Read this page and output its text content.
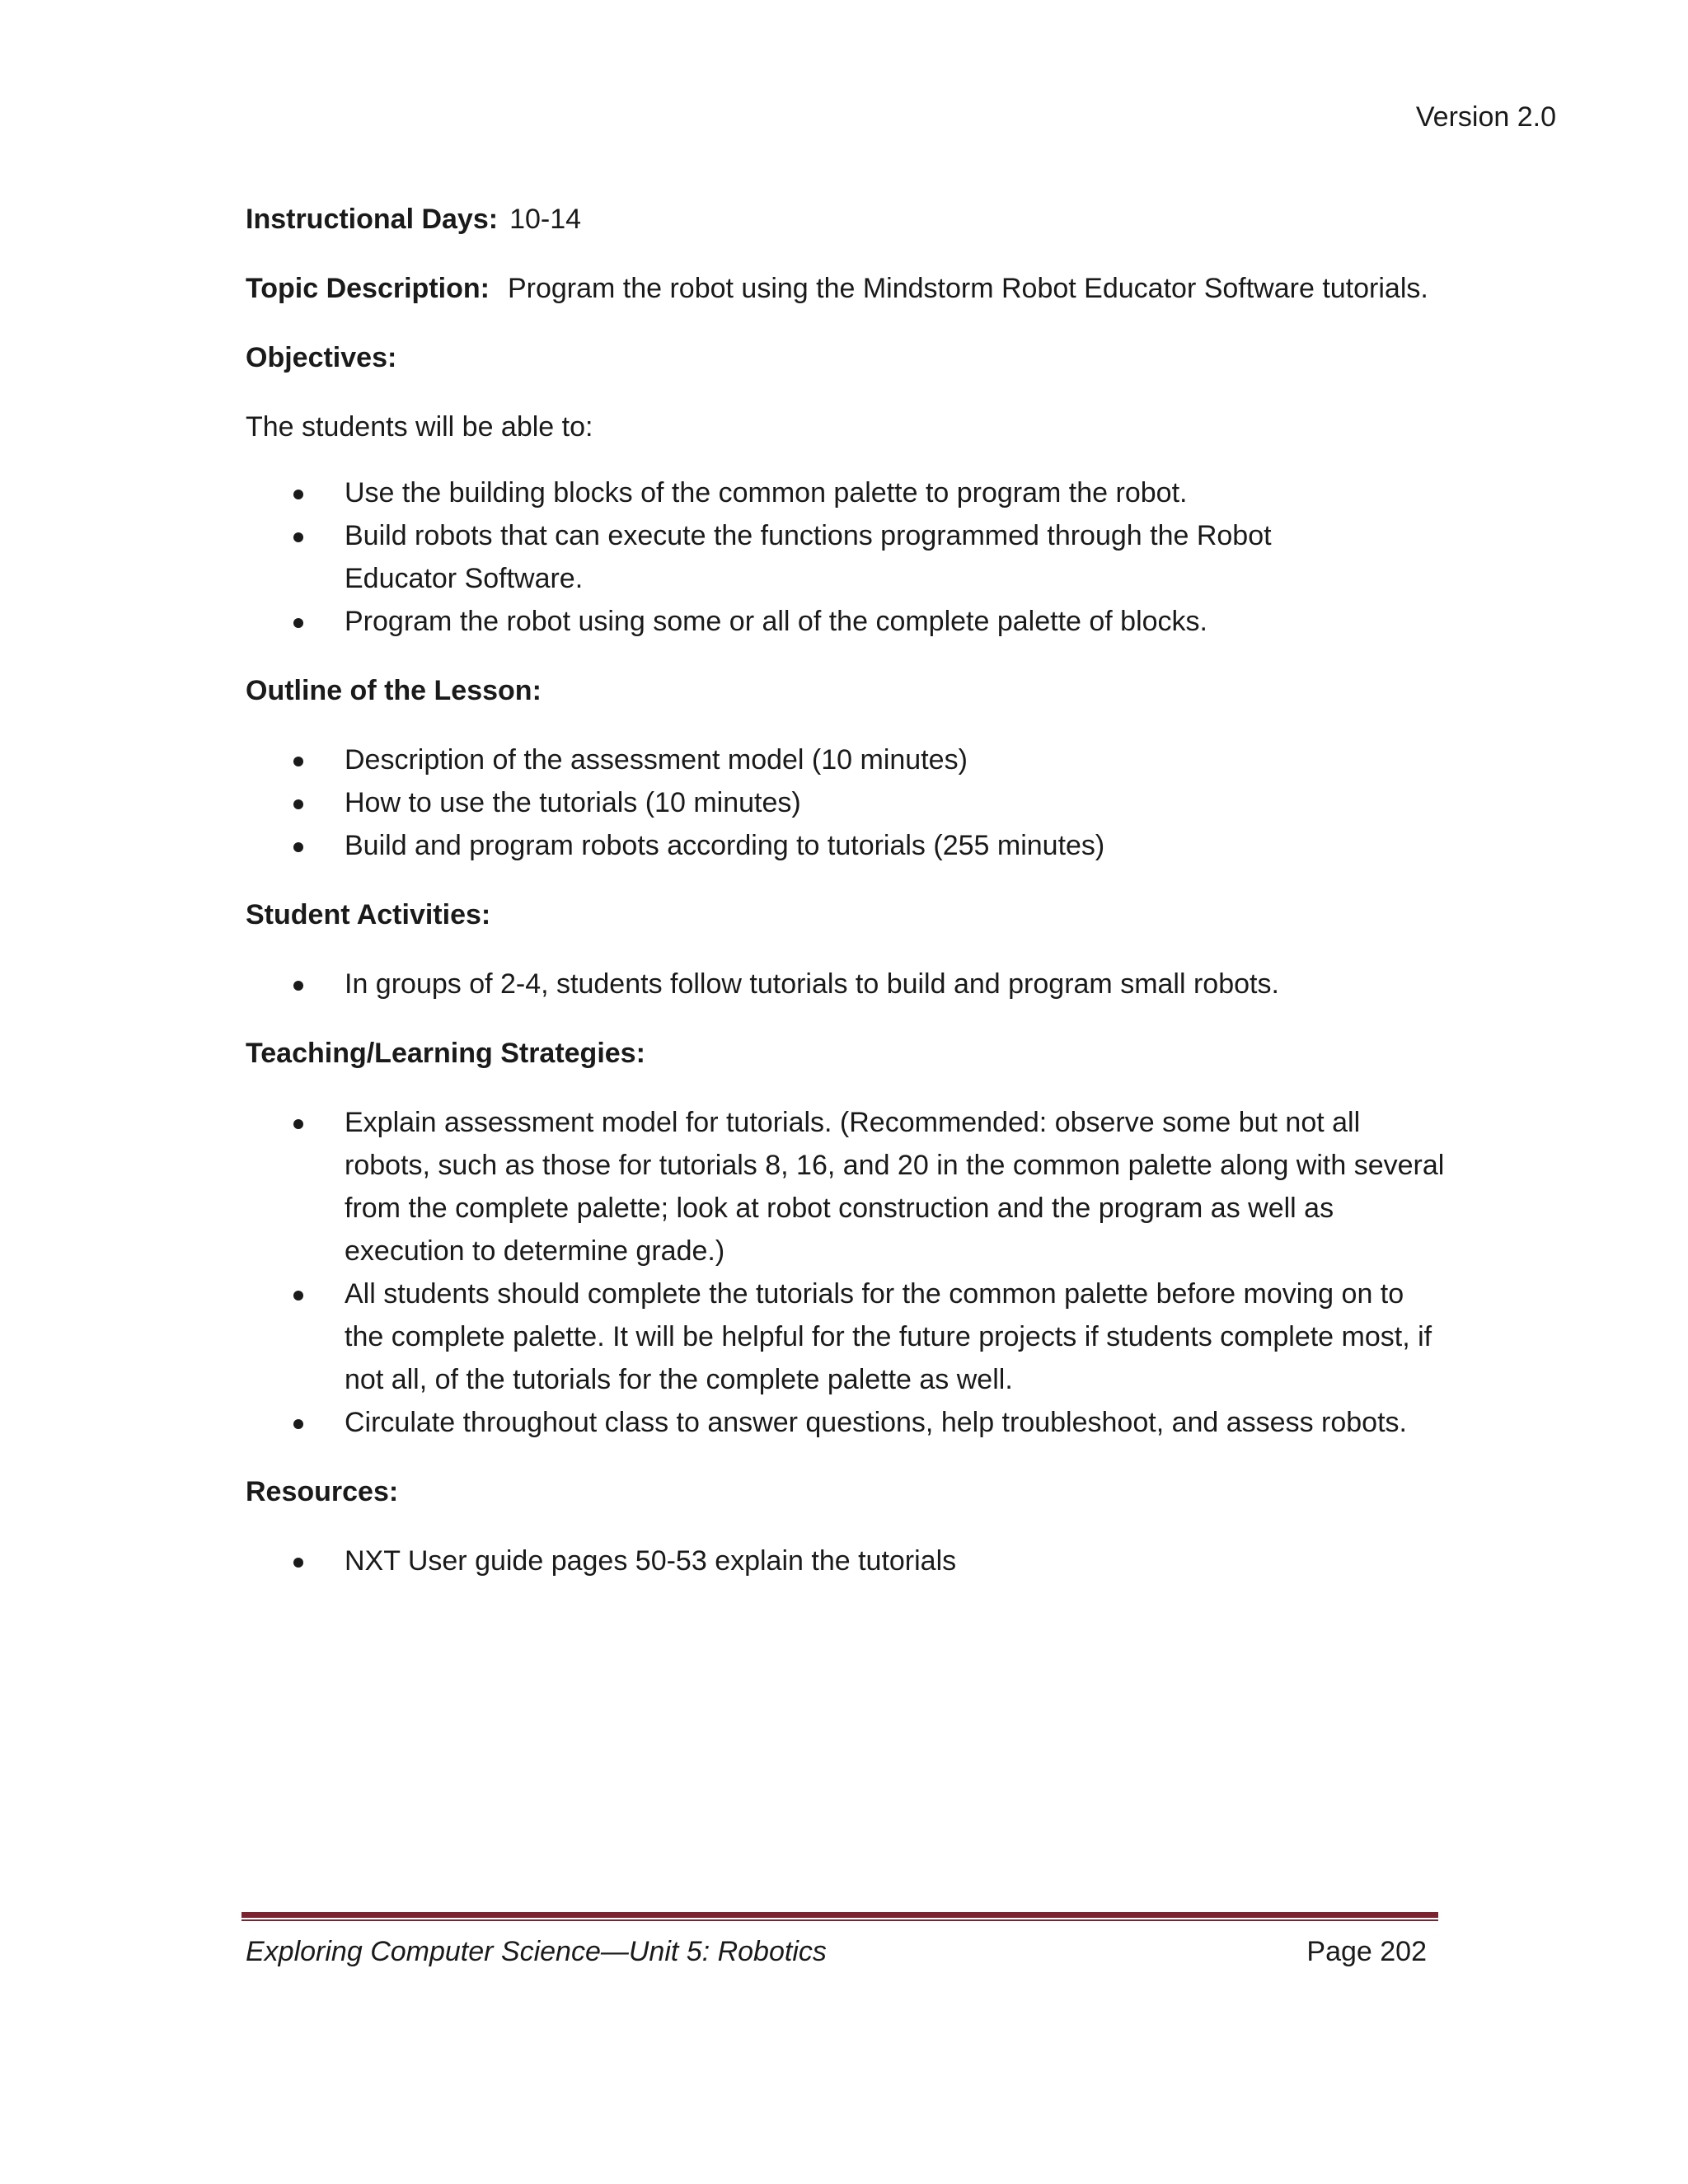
Version 2.0
Instructional Days: 10-14
Topic Description: Program the robot using the Mindstorm Robot Educator Software tutorials.
Objectives:
The students will be able to:
Use the building blocks of the common palette to program the robot.
Build robots that can execute the functions programmed through the Robot Educator Software.
Program the robot using some or all of the complete palette of blocks.
Outline of the Lesson:
Description of the assessment model (10 minutes)
How to use the tutorials (10 minutes)
Build and program robots according to tutorials (255 minutes)
Student Activities:
In groups of 2-4, students follow tutorials to build and program small robots.
Teaching/Learning Strategies:
Explain assessment model for tutorials. (Recommended: observe some but not all robots, such as those for tutorials 8, 16, and 20 in the common palette along with several from the complete palette; look at robot construction and the program as well as execution to determine grade.)
All students should complete the tutorials for the common palette before moving on to the complete palette. It will be helpful for the future projects if students complete most, if not all, of the tutorials for the complete palette as well.
Circulate throughout class to answer questions, help troubleshoot, and assess robots.
Resources:
NXT User guide pages 50-53 explain the tutorials
Exploring Computer Science—Unit 5: Robotics	Page 202
